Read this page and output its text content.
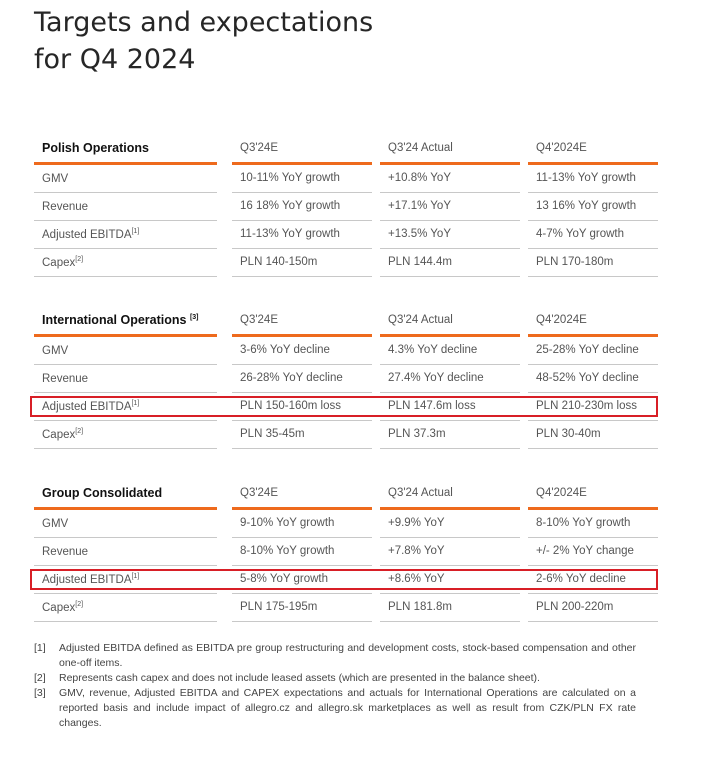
Targets and expectations
for Q4 2024
Polish Operations	Q3'24E	Q3'24 Actual	Q4'2024E
GMV	10-11% YoY growth	+10.8% YoY	11-13% YoY growth
Revenue	16 18% YoY growth	+17.1% YoY	13 16% YoY growth
Adjusted EBITDA[1]	11-13% YoY growth	+13.5% YoY	4-7% YoY growth
Capex[2]	PLN 140-150m	PLN 144.4m	PLN 170-180m
International Operations [3]	Q3'24E	Q3'24 Actual	Q4'2024E
GMV	3-6% YoY decline	4.3% YoY decline	25-28% YoY decline
Revenue	26-28% YoY decline	27.4% YoY decline	48-52% YoY decline
Adjusted EBITDA[1]	PLN 150-160m loss	PLN 147.6m loss	PLN 210-230m loss
Capex[2]	PLN 35-45m	PLN 37.3m	PLN 30-40m
Group Consolidated	Q3'24E	Q3'24 Actual	Q4'2024E
GMV	9-10% YoY growth	+9.9% YoY	8-10% YoY growth
Revenue	8-10% YoY growth	+7.8% YoY	+/- 2% YoY change
Adjusted EBITDA[1]	5-8% YoY growth	+8.6% YoY	2-6% YoY decline
Capex[2]	PLN 175-195m	PLN 181.8m	PLN 200-220m

[1] Adjusted EBITDA defined as EBITDA pre group restructuring and development costs, stock-based compensation and other one-off items.

[2] Represents cash capex and does not include leased assets (which are presented in the balance sheet).

[3] GMV, revenue, Adjusted EBITDA and CAPEX expectations and actuals for International Operations are calculated on a reported basis and include impact of allegro.cz and allegro.sk marketplaces as well as result from CZK/PLN FX rate changes.
